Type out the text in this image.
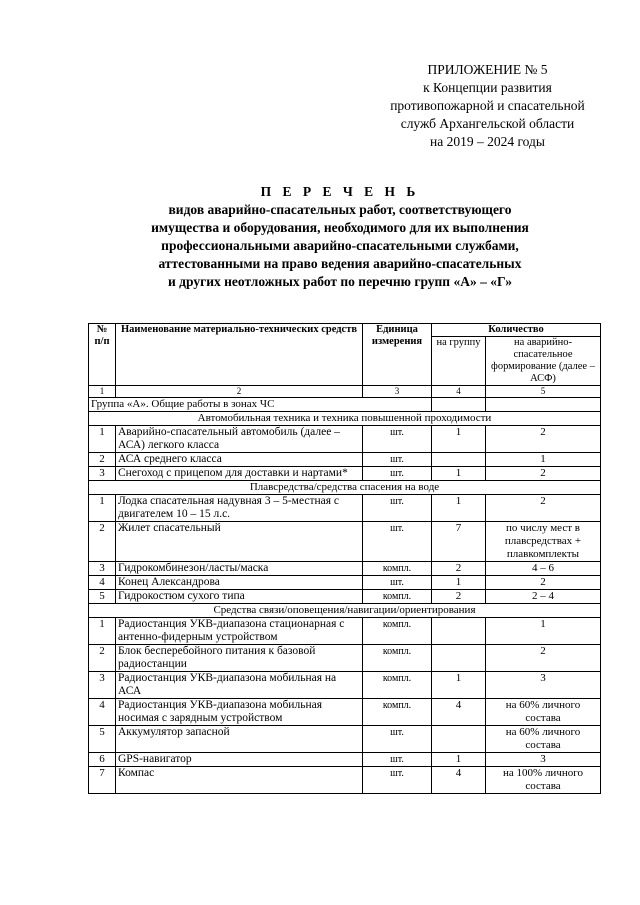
ПРИЛОЖЕНИЕ № 5
к Концепции развития
противопожарной и спасательной
служб Архангельской области
на 2019 – 2024 годы
П Е Р Е Ч Е Н Ь
видов аварийно-спасательных работ, соответствующего
имущества и оборудования, необходимого для их выполнения
профессиональными аварийно-спасательными службами,
аттестованными на право ведения аварийно-спасательных
и других неотложных работ по перечню групп «А» – «Г»
№ п/п	Наименование материально-технических средств	Единица измерения	Количество	
			на группу	на аварийно-спасательное формирование (далее – АСФ)
1	2	3	4	5
Группа «А». Общие работы в зонах ЧС				
Автомобильная техника и техника повышенной проходимости				
1	Аварийно-спасательный автомобиль (далее – АСА) легкого класса	шт.	1	2
2	АСА среднего класса	шт.		1
3	Снегоход с прицепом для доставки и нартами*	шт.	1	2
Плавсредства/средства спасения на воде				
1	Лодка спасательная надувная 3 – 5-местная с двигателем 10 – 15 л.с.	шт.	1	2
2	Жилет спасательный	шт.	7	по числу мест в плавсредствах + плавкомплекты
3	Гидрокомбинезон/ласты/маска	компл.	2	4 – 6
4	Конец Александрова	шт.	1	2
5	Гидрокостюм сухого типа	компл.	2	2 – 4
Средства связи/оповещения/навигации/ориентирования				
1	Радиостанция УКВ-диапазона стационарная с антенно-фидерным устройством	компл.		1
2	Блок бесперебойного питания к базовой радиостанции	компл.		2
3	Радиостанция УКВ-диапазона мобильная на АСА	компл.	1	3
4	Радиостанция УКВ-диапазона мобильная носимая с зарядным устройством	компл.	4	на 60% личного состава
5	Аккумулятор запасной	шт.		на 60% личного состава
6	GPS-навигатор	шт.	1	3
7	Компас	шт.	4	на 100% личного состава
